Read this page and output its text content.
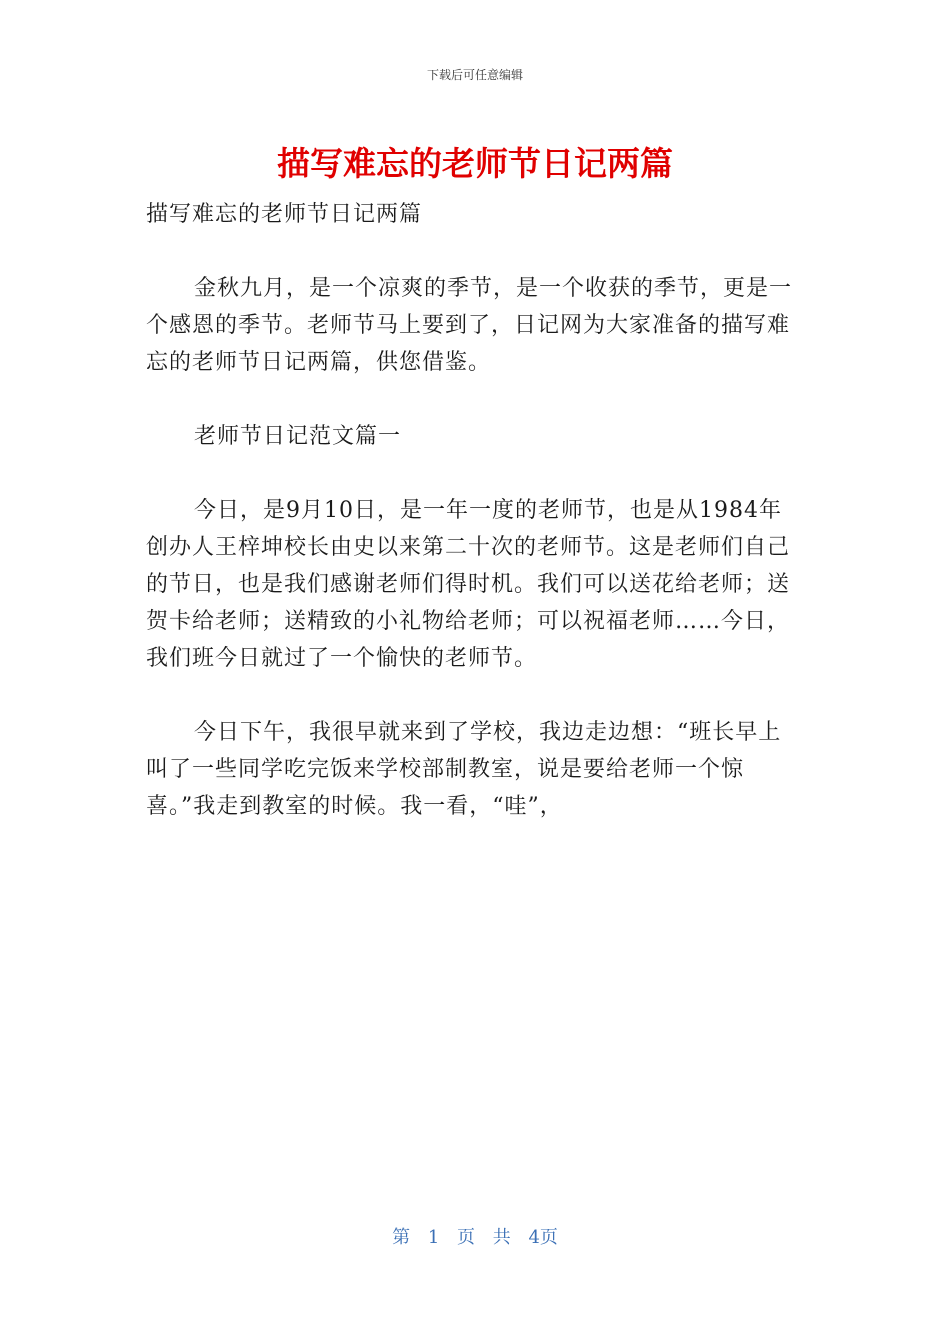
下载后可任意编辑
描写难忘的老师节日记两篇

描写难忘的老师节日记两篇

金秋九月，是一个凉爽的季节，是一个收获的季节，更是一个感恩的季节。老师节马上要到了，日记网为大家准备的描写难忘的老师节日记两篇，供您借鉴。

老师节日记范文篇一

今日，是9月10日，是一年一度的老师节，也是从1984年创办人王梓坤校长由史以来第二十次的老师节。这是老师们自己的节日，也是我们感谢老师们得时机。我们可以送花给老师；送贺卡给老师；送精致的小礼物给老师；可以祝福老师……今日，我们班今日就过了一个愉快的老师节。

今日下午，我很早就来到了学校，我边走边想：“班长早上叫了一些同学吃完饭来学校部制教室，说是要给老师一个惊喜。”我走到教室的时候。我一看，“哇”，

第 1 页 共 4页
